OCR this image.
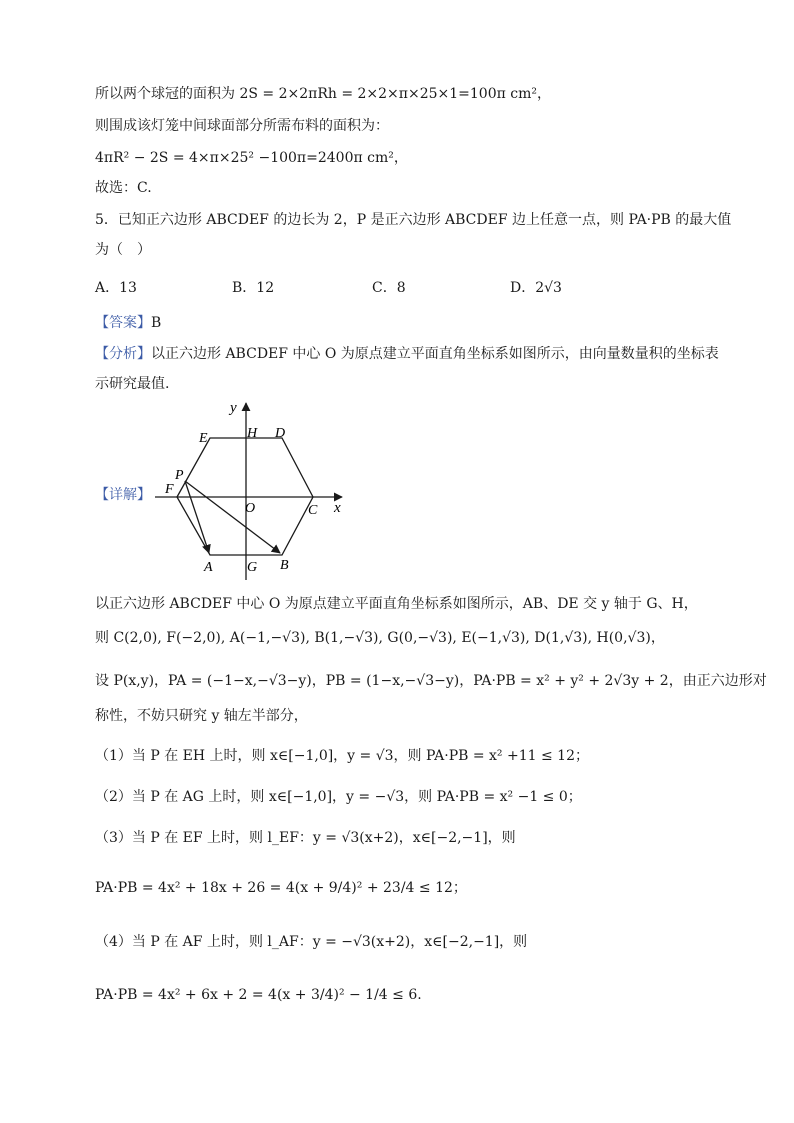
所以两个球冠的面积为 2S = 2×2πRh = 2×2×π×25×1=100π cm²，
则围成该灯笼中间球面部分所需布料的面积为：
4πR² − 2S = 4×π×25² −100π=2400π cm²，
故选：C.
5．已知正六边形 ABCDEF 的边长为 2，P 是正六边形 ABCDEF 边上任意一点，则 PA·PB 的最大值
为（　）
A．13	B．12	C．8	D．2√3
【答案】B
【分析】以正六边形 ABCDEF 中心 O 为原点建立平面直角坐标系如图所示，由向量数量积的坐标表
示研究最值.
【详解】
y
x
O
E	H D
P
F
C
B
A G
以正六边形 ABCDEF 中心 O 为原点建立平面直角坐标系如图所示，AB、DE 交 y 轴于 G、H，
则 C(2,0), F(−2,0), A(−1,−√3), B(1,−√3), G(0,−√3), E(−1,√3), D(1,√3), H(0,√3)，
设 P(x,y)，PA = (−1−x,−√3−y)，PB = (1−x,−√3−y)，PA·PB = x² + y² + 2√3y + 2，由正六边形对
称性，不妨只研究 y 轴左半部分，
（1）当 P 在 EH 上时，则 x∈[−1,0]，y = √3，则 PA·PB = x² +11 ≤ 12；
（2）当 P 在 AG 上时，则 x∈[−1,0]，y = −√3，则 PA·PB = x² −1 ≤ 0；
（3）当 P 在 EF 上时，则 l_EF：y = √3(x+2)，x∈[−2,−1]，则
PA·PB = 4x² + 18x + 26 = 4(x + 9/4)² + 23/4 ≤ 12；
（4）当 P 在 AF 上时，则 l_AF：y = −√3(x+2)，x∈[−2,−1]，则
PA·PB = 4x² + 6x + 2 = 4(x + 3/4)² − 1/4 ≤ 6.
